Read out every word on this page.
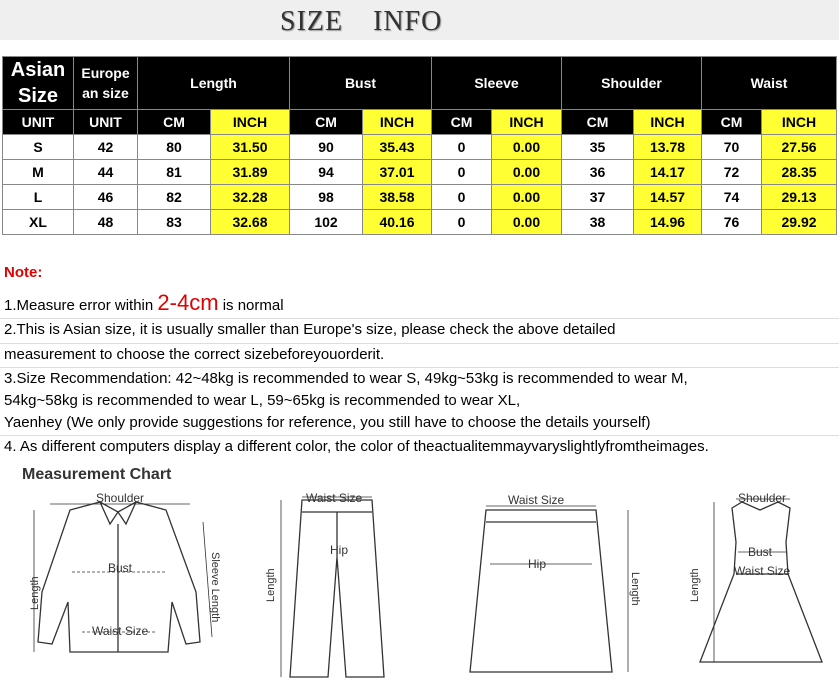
SIZE INFO
Asian Size	Europe an size	Length		Bust		Sleeve		Shoulder		Waist	
UNIT	UNIT	CM	INCH	CM	INCH	CM	INCH	CM	INCH	CM	INCH
S	42	80	31.50	90	35.43	0	0.00	35	13.78	70	27.56
M	44	81	31.89	94	37.01	0	0.00	36	14.17	72	28.35
L	46	82	32.28	98	38.58	0	0.00	37	14.57	74	29.13
XL	48	83	32.68	102	40.16	0	0.00	38	14.96	76	29.92
Note:
1.Measure error within 2-4cm is normal
2.This is Asian size, it is usually smaller than Europe's size, please check the above detailed
measurement to choose the correct sizebeforeyouorderit.
3.Size Recommendation: 42~48kg is recommended to wear S, 49kg~53kg is recommended to wear M,
54kg~58kg is recommended to wear L, 59~65kg is recommended to wear XL,
Yaenhey (We only provide suggestions for reference, you still have to choose the details yourself)
4. As different computers display a different color, the color of theactualitemmayvaryslightlyfromtheimages.
Measurement Chart
Shoulder
Bust
Length	Sleeve Length
Waist Size
Waist Size
Hip
Length
Waist Size
Hip
Length
Shoulder
Bust
Waist Size
Length
